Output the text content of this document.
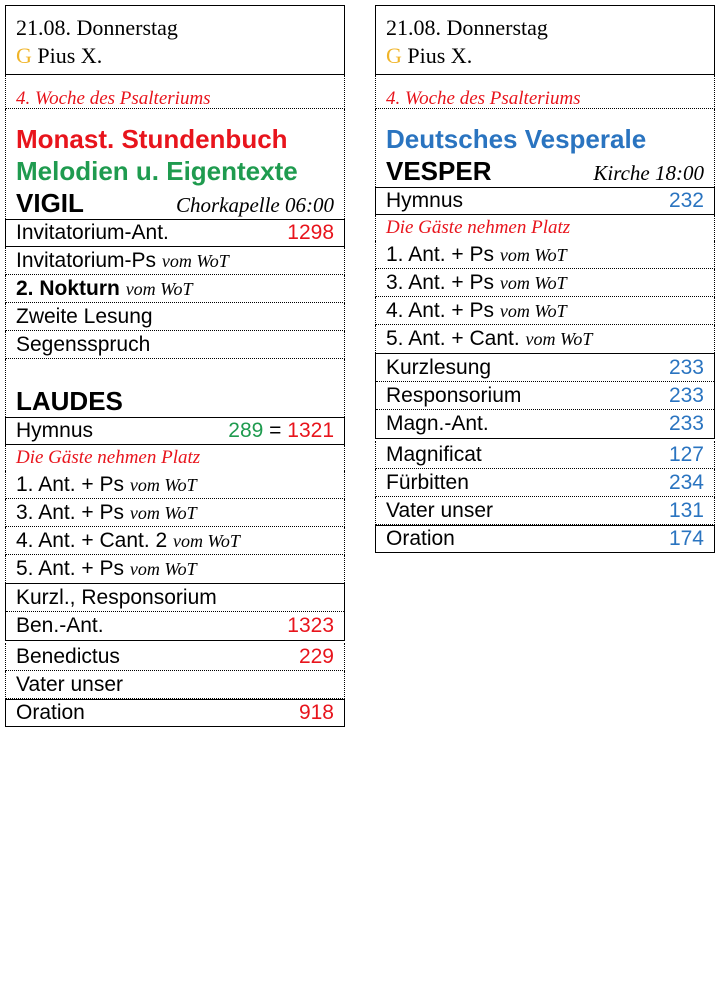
21.08. Donnerstag
G Pius X.
4. Woche des Psalteriums
Monast. Stundenbuch
Melodien u. Eigentexte
VIGIL	Chorkapelle 06:00
Invitatorium-Ant.	1298
Invitatorium-Ps vom WoT
2. Nokturn vom WoT
Zweite Lesung
Segensspruch
LAUDES
Hymnus	289 = 1321
Die Gäste nehmen Platz
1. Ant. + Ps vom WoT
3. Ant. + Ps vom WoT
4. Ant. + Cant. 2 vom WoT
5. Ant. + Ps vom WoT
Kurzl., Responsorium
Ben.-Ant.	1323
Benedictus	229
Vater unser
Oration	918
21.08. Donnerstag
G Pius X.
4. Woche des Psalteriums
Deutsches Vesperale
VESPER	Kirche 18:00
Hymnus	232
Die Gäste nehmen Platz
1. Ant. + Ps vom WoT
3. Ant. + Ps vom WoT
4. Ant. + Ps vom WoT
5. Ant. + Cant. vom WoT
Kurzlesung	233
Responsorium	233
Magn.-Ant.	233
Magnificat	127
Fürbitten	234
Vater unser	131
Oration	174
